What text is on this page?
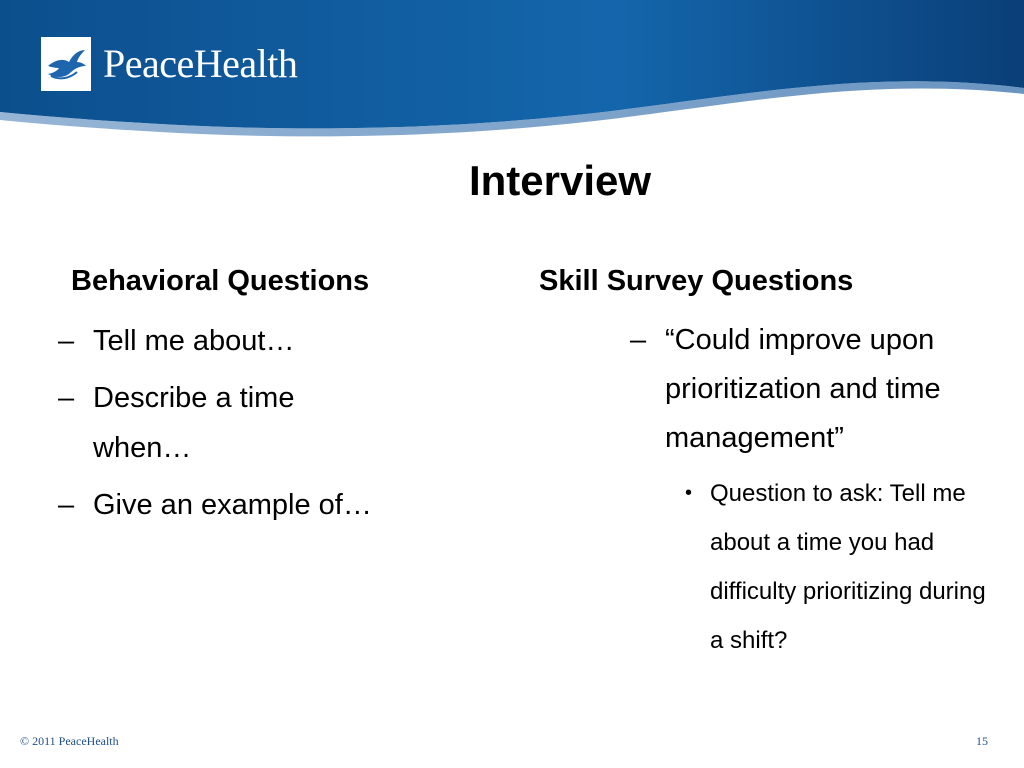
PeaceHealth
Interview
Behavioral Questions	Skill Survey Questions
– Tell me about…
– Describe a time when…
– Give an example of…
– “Could improve upon prioritization and time management”
• Question to ask: Tell me about a time you had difficulty prioritizing during a shift?
© 2011 PeaceHealth	15
